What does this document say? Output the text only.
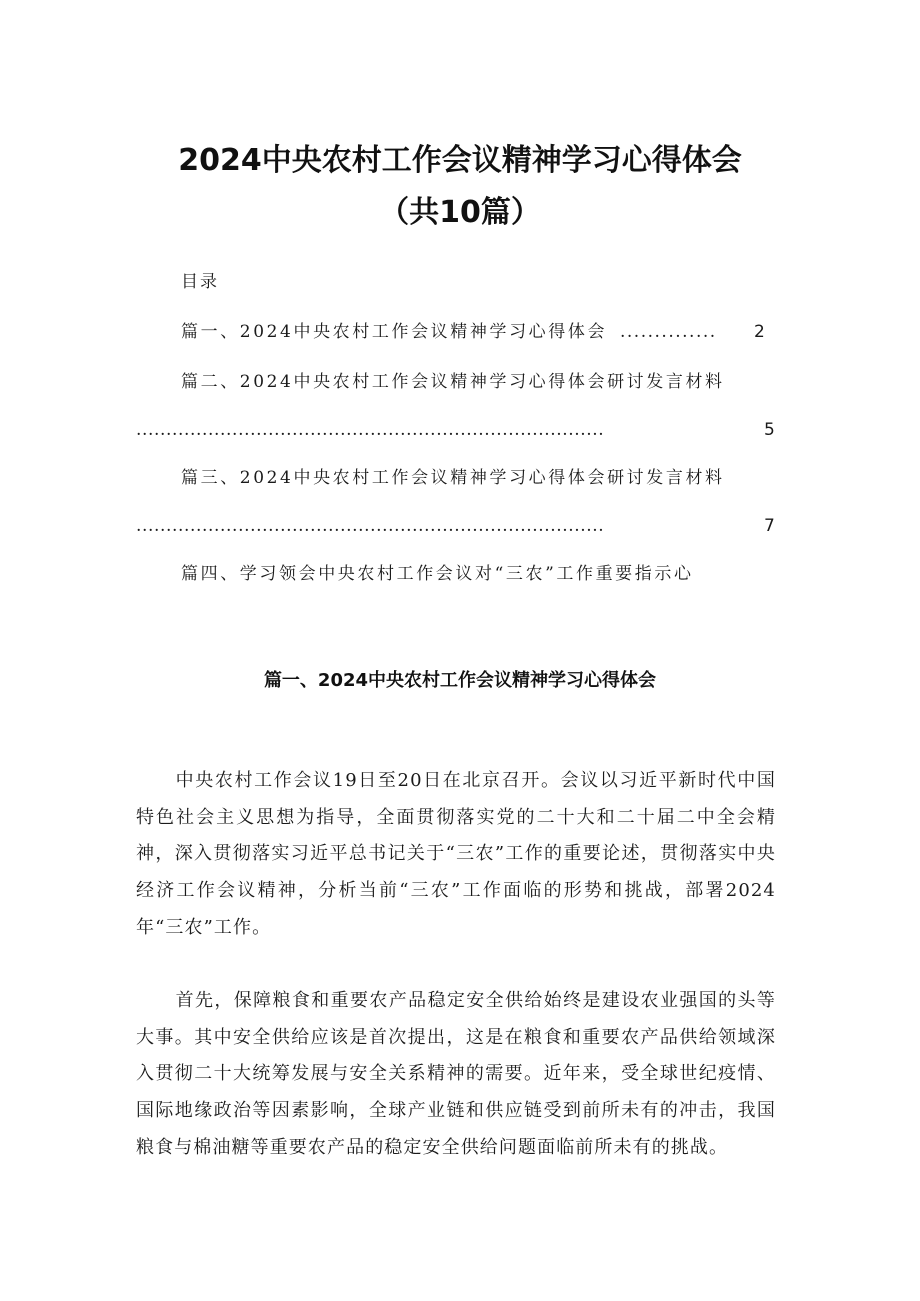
2024中央农村工作会议精神学习心得体会
（共10篇）
目录
篇一、2024中央农村工作会议精神学习心得体会 .............. 2
篇二、2024中央农村工作会议精神学习心得体会研讨发言材料
..............................................................................	5
篇三、2024中央农村工作会议精神学习心得体会研讨发言材料
..............................................................................	7
篇四、学习领会中央农村工作会议对“三农”工作重要指示心
篇一、2024中央农村工作会议精神学习心得体会

中央农村工作会议19日至20日在北京召开。会议以习近平新时代中国特色社会主义思想为指导，全面贯彻落实党的二十大和二十届二中全会精神，深入贯彻落实习近平总书记关于“三农”工作的重要论述，贯彻落实中央经济工作会议精神，分析当前“三农”工作面临的形势和挑战，部署2024年“三农”工作。

首先，保障粮食和重要农产品稳定安全供给始终是建设农业强国的头等大事。其中安全供给应该是首次提出，这是在粮食和重要农产品供给领域深入贯彻二十大统筹发展与安全关系精神的需要。近年来，受全球世纪疫情、国际地缘政治等因素影响，全球产业链和供应链受到前所未有的冲击，我国粮食与棉油糖等重要农产品的稳定安全供给问题面临前所未有的挑战。
